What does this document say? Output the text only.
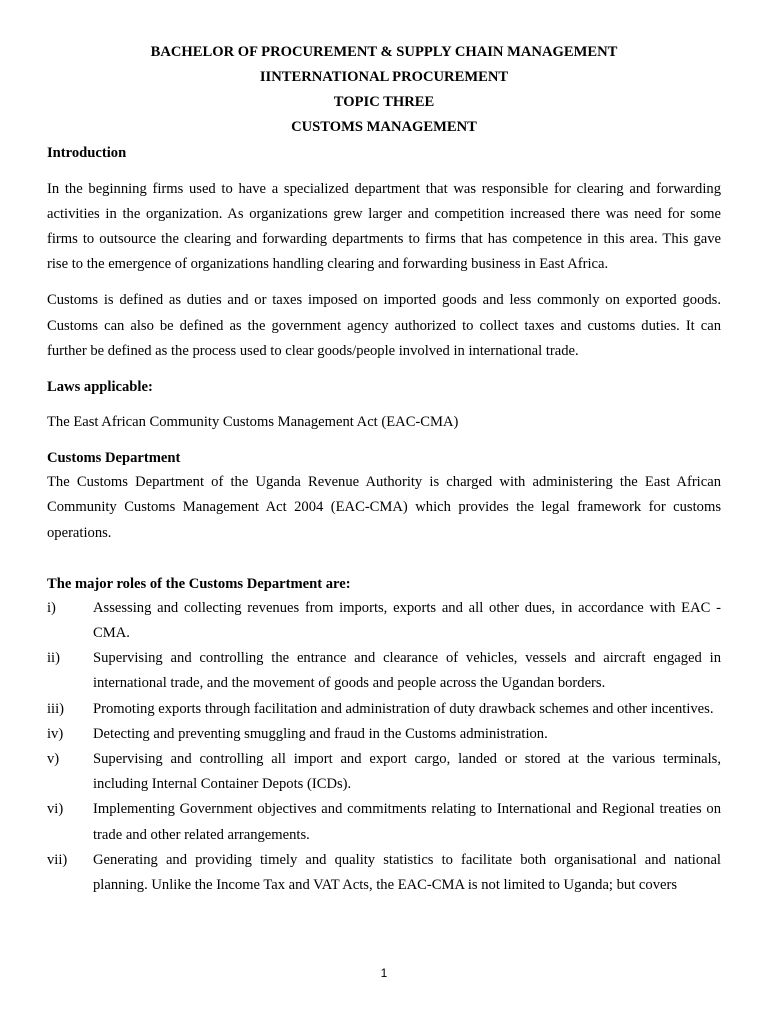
BACHELOR OF PROCUREMENT & SUPPLY CHAIN MANAGEMENT

IINTERNATIONAL PROCUREMENT

TOPIC THREE

CUSTOMS MANAGEMENT

Introduction

In the beginning firms used to have a specialized department that was responsible for clearing and forwarding activities in the organization. As organizations grew larger and competition increased there was need for some firms to outsource the clearing and forwarding departments to firms that has competence in this area. This gave rise to the emergence of organizations handling clearing and forwarding business in East Africa.

Customs is defined as duties and or taxes imposed on imported goods and less commonly on exported goods. Customs can also be defined as the government agency authorized to collect taxes and customs duties. It can further be defined as the process used to clear goods/people involved in international trade.

Laws applicable:

The East African Community Customs Management Act (EAC-CMA)

Customs Department

The Customs Department of the Uganda Revenue Authority is charged with administering the East African Community Customs Management Act 2004 (EAC-CMA) which provides the legal framework for customs operations.

The major roles of the Customs Department are:

i)	Assessing and collecting revenues from imports, exports and all other dues, in accordance with EAC -CMA.
ii)	Supervising and controlling the entrance and clearance of vehicles, vessels and aircraft engaged in international trade, and the movement of goods and people across the Ugandan borders.
iii)	Promoting exports through facilitation and administration of duty drawback schemes and other incentives.
iv)	Detecting and preventing smuggling and fraud in the Customs administration.
v)	Supervising and controlling all import and export cargo, landed or stored at the various terminals, including Internal Container Depots (ICDs).
vi)	Implementing Government objectives and commitments relating to International and Regional treaties on trade and other related arrangements.
vii)	Generating and providing timely and quality statistics to facilitate both organisational and national planning. Unlike the Income Tax and VAT Acts, the EAC-CMA is not limited to Uganda; but covers
1
